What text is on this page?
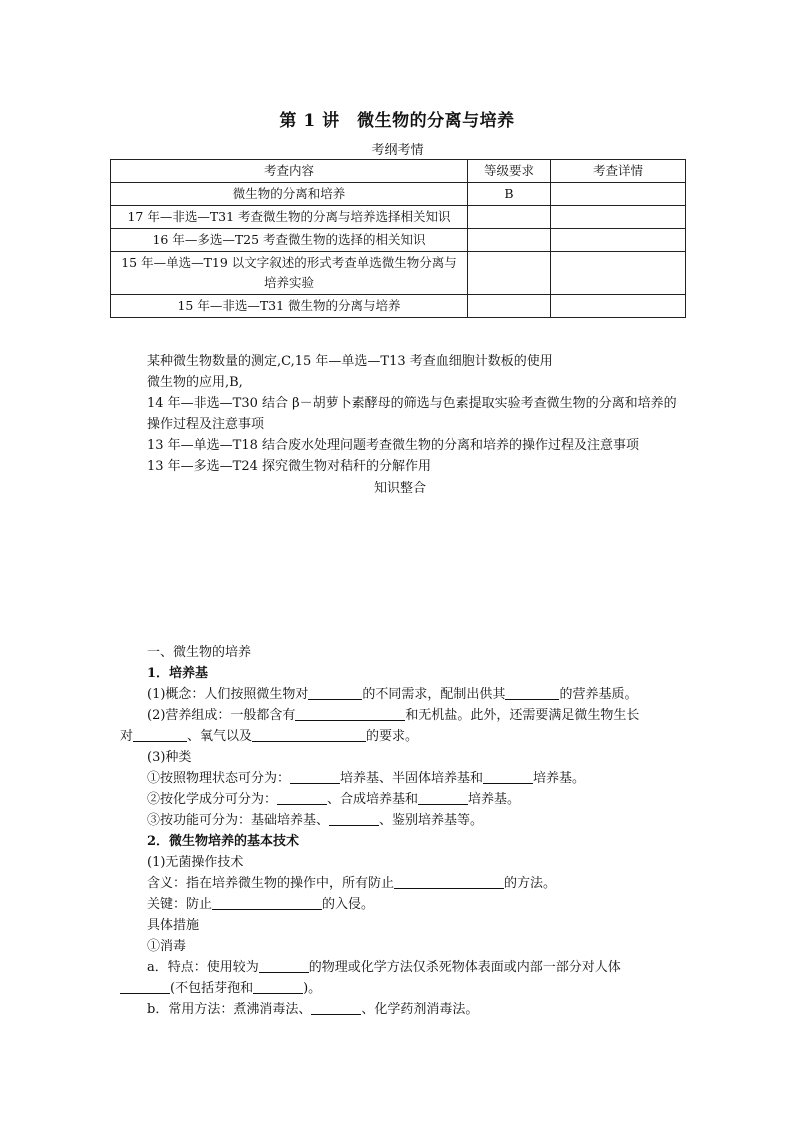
第 1 讲　微生物的分离与培养
考纲考情
考查内容	等级要求	考查详情
微生物的分离和培养	B	
17 年—非选—T31 考查微生物的分离与培养选择相关知识		
16 年—多选—T25 考查微生物的选择的相关知识		
15 年—单选—T19 以文字叙述的形式考查单选微生物分离与培养实验		
15 年—非选—T31 微生物的分离与培养		
某种微生物数量的测定,C,15 年—单选—T13 考查血细胞计数板的使用
微生物的应用,B,
14 年—非选—T30 结合 β－胡萝卜素酵母的筛选与色素提取实验考查微生物的分离和培养的操作过程及注意事项
13 年—单选—T18 结合废水处理问题考查微生物的分离和培养的操作过程及注意事项
13 年—多选—T24 探究微生物对秸秆的分解作用
知识整合
一、微生物的培养
1．培养基
(1)概念：人们按照微生物对	的不同需求，配制出供其	的营养基质。
(2)营养组成：一般都含有	和无机盐。此外，还需要满足微生物生长
对	、氧气以及	的要求。
(3)种类
①按照物理状态可分为：	培养基、半固体培养基和	培养基。
②按化学成分可分为：	、合成培养基和	培养基。
③按功能可分为：基础培养基、	、鉴别培养基等。
2．微生物培养的基本技术
(1)无菌操作技术
含义：指在培养微生物的操作中，所有防止	的方法。
关键：防止	的入侵。
具体措施
①消毒
a．特点：使用较为	的物理或化学方法仅杀死物体表面或内部一部分对人体
(不包括芽孢和	)。
b．常用方法：煮沸消毒法、	、化学药剂消毒法。
